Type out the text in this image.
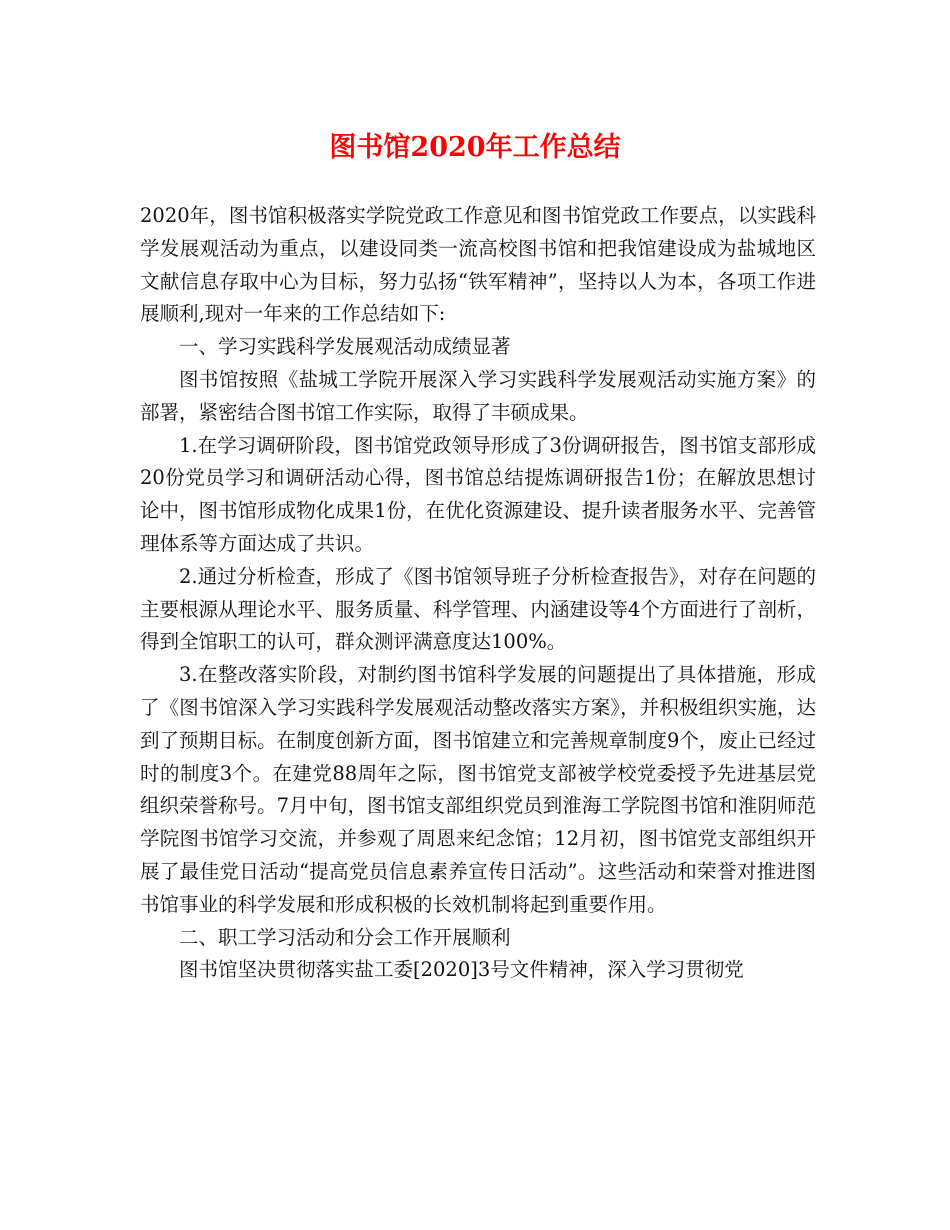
图书馆2020年工作总结

2020年，图书馆积极落实学院党政工作意见和图书馆党政工作要点，以实践科学发展观活动为重点，以建设同类一流高校图书馆和把我馆建设成为盐城地区文献信息存取中心为目标，努力弘扬“铁军精神”，坚持以人为本，各项工作进展顺利,现对一年来的工作总结如下:

一、学习实践科学发展观活动成绩显著

图书馆按照《盐城工学院开展深入学习实践科学发展观活动实施方案》的部署，紧密结合图书馆工作实际，取得了丰硕成果。

1.在学习调研阶段，图书馆党政领导形成了3份调研报告，图书馆支部形成20份党员学习和调研活动心得，图书馆总结提炼调研报告1份；在解放思想讨论中，图书馆形成物化成果1份，在优化资源建设、提升读者服务水平、完善管理体系等方面达成了共识。

2.通过分析检查，形成了《图书馆领导班子分析检查报告》，对存在问题的主要根源从理论水平、服务质量、科学管理、内涵建设等4个方面进行了剖析，得到全馆职工的认可，群众测评满意度达100%。

3.在整改落实阶段，对制约图书馆科学发展的问题提出了具体措施，形成了《图书馆深入学习实践科学发展观活动整改落实方案》，并积极组织实施，达到了预期目标。在制度创新方面，图书馆建立和完善规章制度9个，废止已经过时的制度3个。在建党88周年之际，图书馆党支部被学校党委授予先进基层党组织荣誉称号。7月中旬，图书馆支部组织党员到淮海工学院图书馆和淮阴师范学院图书馆学习交流，并参观了周恩来纪念馆；12月初，图书馆党支部组织开展了最佳党日活动“提高党员信息素养宣传日活动”。这些活动和荣誉对推进图书馆事业的科学发展和形成积极的长效机制将起到重要作用。

二、职工学习活动和分会工作开展顺利

图书馆坚决贯彻落实盐工委[2020]3号文件精神，深入学习贯彻党
